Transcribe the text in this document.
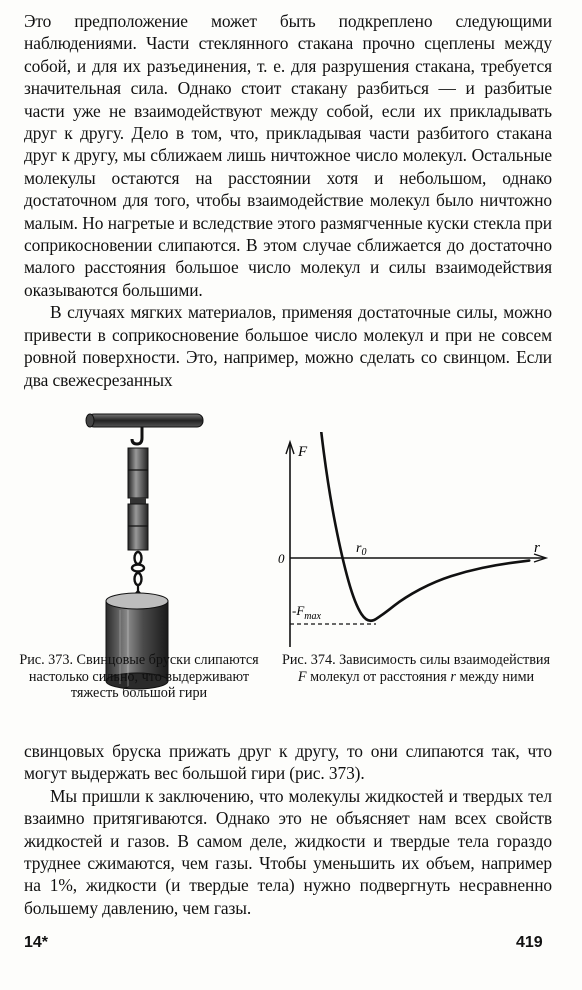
Это предположение может быть подкреплено следующими наблюдениями. Части стеклянного стакана прочно сцеплены между собой, и для их разъединения, т. е. для разрушения стакана, требуется значительная сила. Однако стоит стакану разбиться — и разбитые части уже не взаимодействуют между собой, если их прикладывать друг к другу. Дело в том, что, прикладывая части разбитого стакана друг к другу, мы сближаем лишь ничтожное число молекул. Остальные молекулы остаются на расстоянии хотя и небольшом, однако достаточном для того, чтобы взаимодействие молекул было ничтожно малым. Но нагретые и вследствие этого размягченные куски стекла при соприкосновении слипаются. В этом случае сближается до достаточно малого расстояния большое число молекул и силы взаимодействия оказываются большими.

В случаях мягких материалов, применяя достаточные силы, можно привести в соприкосновение большое число молекул и при не совсем ровной поверхности. Это, например, можно сделать со свинцом. Если два свежесрезанных

F
r
0
$r_0$
$-F_{max}$
Рис. 373. Свинцовые бруски слипаются настолько сильно, что выдерживают тяжесть большой гири
Рис. 374. Зависимость силы взаимодействия F молекул от расстояния r между ними

свинцовых бруска прижать друг к другу, то они слипаются так, что могут выдержать вес большой гири (рис. 373).

Мы пришли к заключению, что молекулы жидкостей и твердых тел взаимно притягиваются. Однако это не объясняет нам всех свойств жидкостей и газов. В самом деле, жидкости и твердые тела гораздо труднее сжимаются, чем газы. Чтобы уменьшить их объем, например на 1%, жидкости (и твердые тела) нужно подвергнуть несравненно большему давлению, чем газы.

14*	419
